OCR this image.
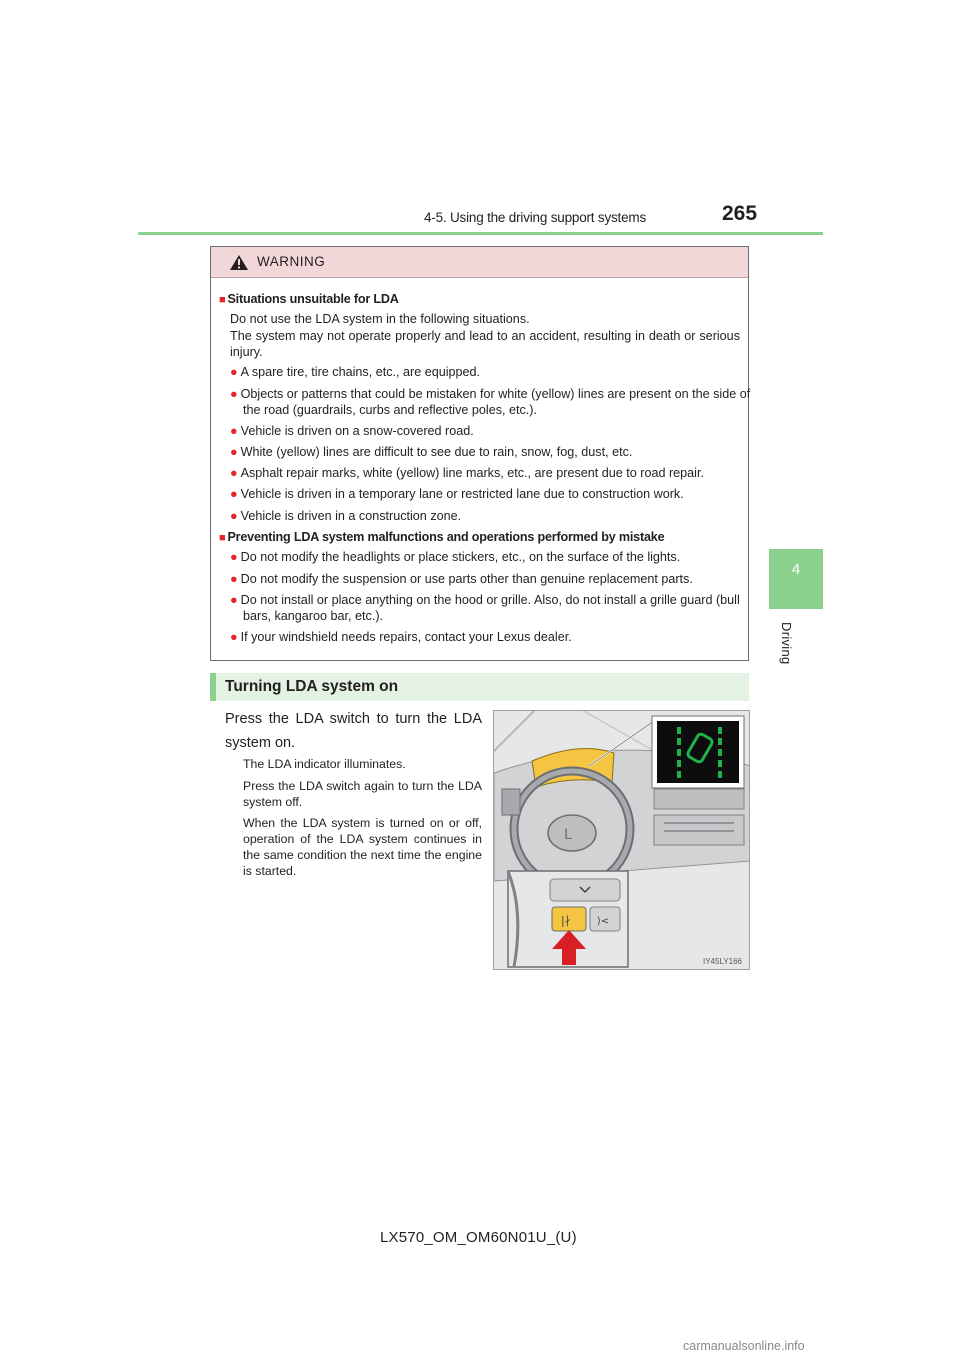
4-5. Using the driving support systems	265
4
Driving
WARNING
■ Situations unsuitable for LDA
Do not use the LDA system in the following situations.
The system may not operate properly and lead to an accident, resulting in death or serious injury.
● A spare tire, tire chains, etc., are equipped.
● Objects or patterns that could be mistaken for white (yellow) lines are present on the side of the road (guardrails, curbs and reflective poles, etc.).
● Vehicle is driven on a snow-covered road.
● White (yellow) lines are difficult to see due to rain, snow, fog, dust, etc.
● Asphalt repair marks, white (yellow) line marks, etc., are present due to road repair.
● Vehicle is driven in a temporary lane or restricted lane due to construction work.
● Vehicle is driven in a construction zone.
■ Preventing LDA system malfunctions and operations performed by mistake
● Do not modify the headlights or place stickers, etc., on the surface of the lights.
● Do not modify the suspension or use parts other than genuine replacement parts.
● Do not install or place anything on the hood or grille. Also, do not install a grille guard (bull bars, kangaroo bar, etc.).
● If your windshield needs repairs, contact your Lexus dealer.
Turning LDA system on
Press the LDA switch to turn the LDA system on.
The LDA indicator illuminates.
Press the LDA switch again to turn the LDA system off.
When the LDA system is turned on or off, operation of the LDA system continues in the same condition the next time the engine is started.
L
|∤	⟩<
IY45LY166
LX570_OM_OM60N01U_(U)
carmanualsonline.info
